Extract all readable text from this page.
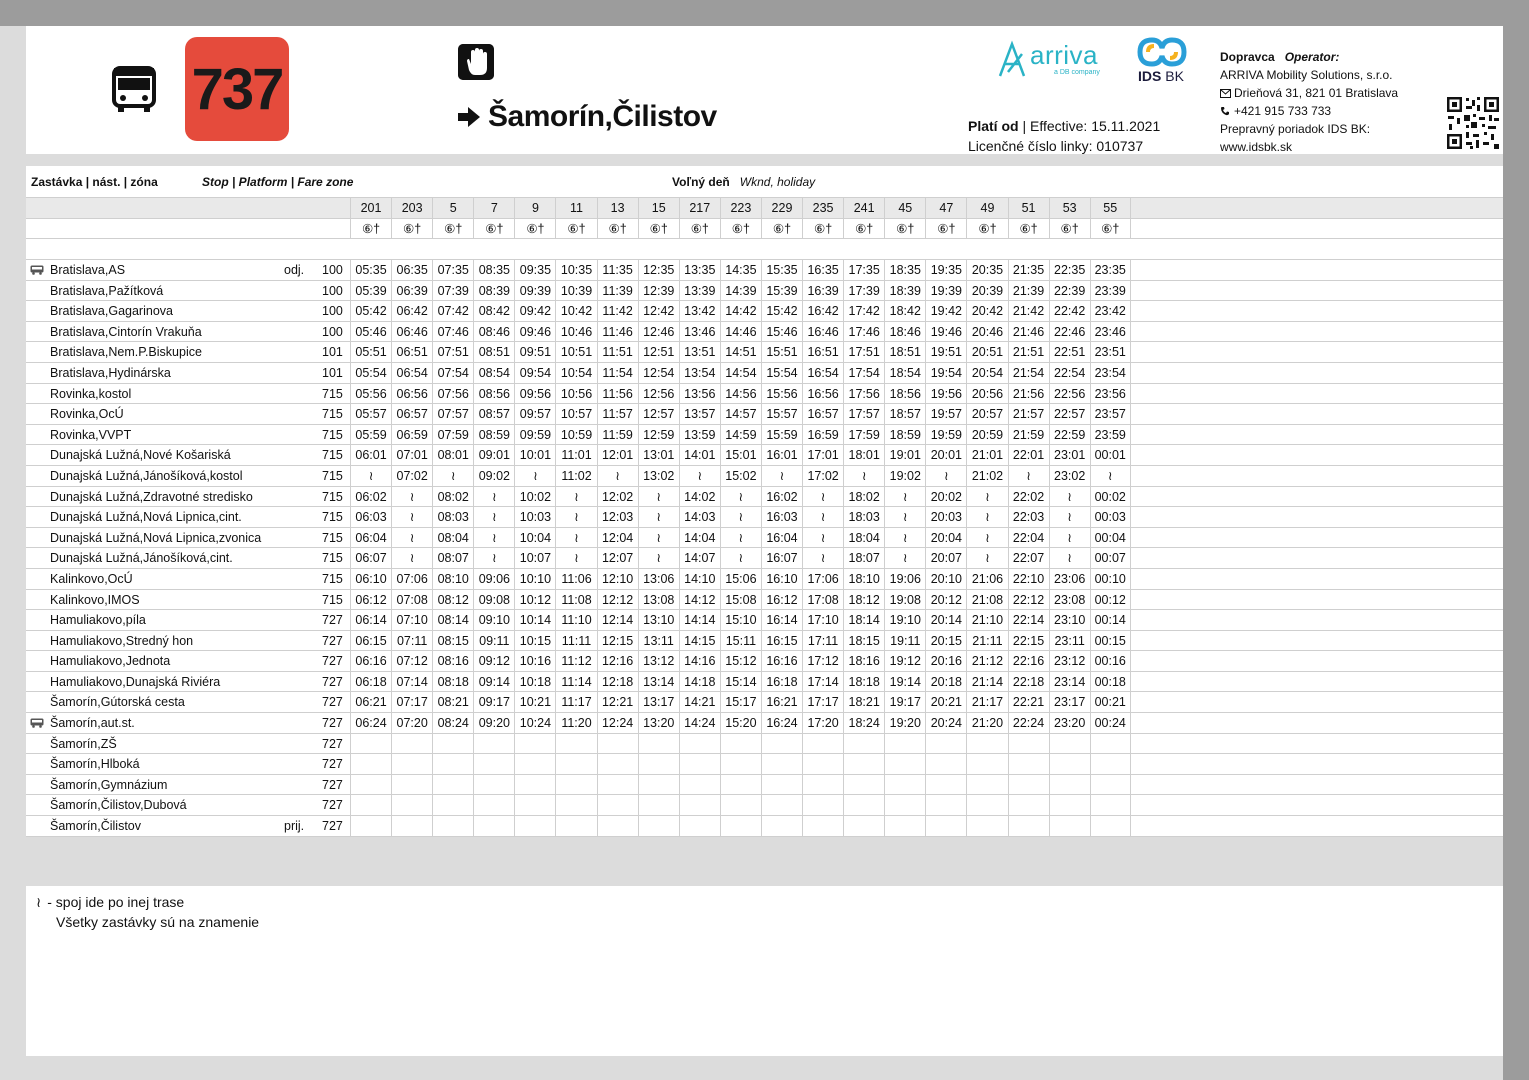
737	Šamorín,Čilistov
arriva
a DB company	IDS BK
Platí od | Effective: 15.11.2021
Licenčné číslo linky: 010737
Dopravca Operator:
ARRIVA Mobility Solutions, s.r.o.
Drieňová 31, 821 01 Bratislava
+421 915 733 733
Prepravný poriadok IDS BK:
www.idsbk.sk
Zastávka | nást. | zóna	Stop | Platform | Fare zone	Voľný deň Wknd, holiday
201	203	5	7	9	11	13	15	217	223	229	235	241	45	47	49	51	53	55
⑥†	⑥†	⑥†	⑥†	⑥†	⑥†	⑥†	⑥†	⑥†	⑥†	⑥†	⑥†	⑥†	⑥†	⑥†	⑥†	⑥†	⑥†	⑥†
Bratislava,AS	odj. 100	05:35 06:35 07:35 08:35 09:35 10:35 11:35 12:35 13:35 14:35 15:35 16:35 17:35 18:35 19:35 20:35 21:35 22:35 23:35
Bratislava,Pažítková	100	05:39 06:39 07:39 08:39 09:39 10:39 11:39 12:39 13:39 14:39 15:39 16:39 17:39 18:39 19:39 20:39 21:39 22:39 23:39
Bratislava,Gagarinova	100	05:42 06:42 07:42 08:42 09:42 10:42 11:42 12:42 13:42 14:42 15:42 16:42 17:42 18:42 19:42 20:42 21:42 22:42 23:42
Bratislava,Cintorín Vrakuňa	100	05:46 06:46 07:46 08:46 09:46 10:46 11:46 12:46 13:46 14:46 15:46 16:46 17:46 18:46 19:46 20:46 21:46 22:46 23:46
Bratislava,Nem.P.Biskupice	101	05:51 06:51 07:51 08:51 09:51 10:51 11:51 12:51 13:51 14:51 15:51 16:51 17:51 18:51 19:51 20:51 21:51 22:51 23:51
Bratislava,Hydinárska	101	05:54 06:54 07:54 08:54 09:54 10:54 11:54 12:54 13:54 14:54 15:54 16:54 17:54 18:54 19:54 20:54 21:54 22:54 23:54
Rovinka,kostol	715	05:56 06:56 07:56 08:56 09:56 10:56 11:56 12:56 13:56 14:56 15:56 16:56 17:56 18:56 19:56 20:56 21:56 22:56 23:56
Rovinka,OcÚ	715	05:57 06:57 07:57 08:57 09:57 10:57 11:57 12:57 13:57 14:57 15:57 16:57 17:57 18:57 19:57 20:57 21:57 22:57 23:57
Rovinka,VVPT	715	05:59 06:59 07:59 08:59 09:59 10:59 11:59 12:59 13:59 14:59 15:59 16:59 17:59 18:59 19:59 20:59 21:59 22:59 23:59
Dunajská Lužná,Nové Košariská	715	06:01 07:01 08:01 09:01 10:01 11:01 12:01 13:01 14:01 15:01 16:01 17:01 18:01 19:01 20:01 21:01 22:01 23:01 00:01
Dunajská Lužná,Jánošíková,kostol	715	≀	07:02	≀	09:02	≀	11:02	≀	13:02	≀	15:02	≀	17:02	≀	19:02	≀	21:02	≀	23:02	≀
Dunajská Lužná,Zdravotné stredisko	715	06:02	≀	08:02	≀	10:02	≀	12:02	≀	14:02	≀	16:02	≀	18:02	≀	20:02	≀	22:02	≀	00:02
Dunajská Lužná,Nová Lipnica,cint.	715	06:03	≀	08:03	≀	10:03	≀	12:03	≀	14:03	≀	16:03	≀	18:03	≀	20:03	≀	22:03	≀	00:03
Dunajská Lužná,Nová Lipnica,zvonica	715	06:04	≀	08:04	≀	10:04	≀	12:04	≀	14:04	≀	16:04	≀	18:04	≀	20:04	≀	22:04	≀	00:04
Dunajská Lužná,Jánošíková,cint.	715	06:07	≀	08:07	≀	10:07	≀	12:07	≀	14:07	≀	16:07	≀	18:07	≀	20:07	≀	22:07	≀	00:07
Kalinkovo,OcÚ	715	06:10 07:06 08:10 09:06 10:10 11:06 12:10 13:06 14:10 15:06 16:10 17:06 18:10 19:06 20:10 21:06 22:10 23:06 00:10
Kalinkovo,IMOS	715	06:12 07:08 08:12 09:08 10:12 11:08 12:12 13:08 14:12 15:08 16:12 17:08 18:12 19:08 20:12 21:08 22:12 23:08 00:12
Hamuliakovo,píla	727	06:14 07:10 08:14 09:10 10:14 11:10 12:14 13:10 14:14 15:10 16:14 17:10 18:14 19:10 20:14 21:10 22:14 23:10 00:14
Hamuliakovo,Stredný hon	727	06:15 07:11 08:15 09:11 10:15 11:11 12:15 13:11 14:15 15:11 16:15 17:11 18:15 19:11 20:15 21:11 22:15 23:11 00:15
Hamuliakovo,Jednota	727	06:16 07:12 08:16 09:12 10:16 11:12 12:16 13:12 14:16 15:12 16:16 17:12 18:16 19:12 20:16 21:12 22:16 23:12 00:16
Hamuliakovo,Dunajská Riviéra	727	06:18 07:14 08:18 09:14 10:18 11:14 12:18 13:14 14:18 15:14 16:18 17:14 18:18 19:14 20:18 21:14 22:18 23:14 00:18
Šamorín,Gútorská cesta	727	06:21 07:17 08:21 09:17 10:21 11:17 12:21 13:17 14:21 15:17 16:21 17:17 18:21 19:17 20:21 21:17 22:21 23:17 00:21
Šamorín,aut.st.	727	06:24 07:20 08:24 09:20 10:24 11:20 12:24 13:20 14:24 15:20 16:24 17:20 18:24 19:20 20:24 21:20 22:24 23:20 00:24
Šamorín,ZŠ	727
Šamorín,Hlboká	727
Šamorín,Gymnázium	727
Šamorín,Čilistov,Dubová	727
Šamorín,Čilistov	prij. 727
≀ - spoj ide po inej trase
Všetky zastávky sú na znamenie
